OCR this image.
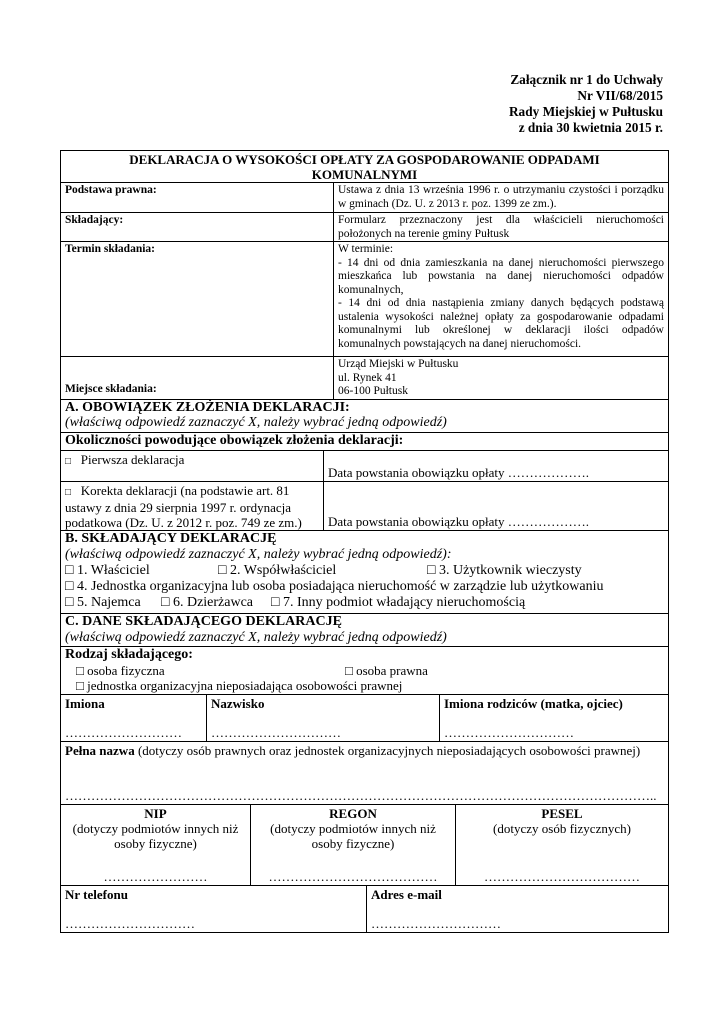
Załącznik nr 1 do Uchwały
Nr VII/68/2015
Rady Miejskiej w Pułtusku
z dnia 30 kwietnia 2015 r.
DEKLARACJA O WYSOKOŚCI OPŁATY ZA GOSPODAROWANIE ODPADAMI
KOMUNALNYMI
Podstawa prawna:	Ustawa z dnia 13 września 1996 r. o utrzymaniu czystości i porządku w gminach (Dz. U. z 2013 r. poz. 1399 ze zm.).
Składający:	Formularz przeznaczony jest dla właścicieli nieruchomości położonych na terenie gminy Pułtusk
Termin składania:	W terminie:
- 14 dni od dnia zamieszkania na danej nieruchomości pierwszego mieszkańca lub powstania na danej nieruchomości odpadów komunalnych,
- 14 dni od dnia nastąpienia zmiany danych będących podstawą ustalenia wysokości należnej opłaty za gospodarowanie odpadami komunalnymi lub określonej w deklaracji ilości odpadów komunalnych powstających na danej nieruchomości.
Miejsce składania:
Urząd Miejski w Pułtusku
ul. Rynek 41
06-100 Pułtusk
A. OBOWIĄZEK ZŁOŻENIA DEKLARACJI:
(właściwą odpowiedź zaznaczyć X, należy wybrać jedną odpowiedź)
Okoliczności powodujące obowiązek złożenia deklaracji:
□ Pierwsza deklaracja
Data powstania obowiązku opłaty ……………….
□ Korekta deklaracji (na podstawie art. 81 ustawy z dnia 29 sierpnia 1997 r. ordynacja podatkowa (Dz. U. z 2012 r. poz. 749 ze zm.)	Data powstania obowiązku opłaty ……………….
B. SKŁADAJĄCY DEKLARACJĘ
(właściwą odpowiedź zaznaczyć X, należy wybrać jedną odpowiedź):
□ 1. Właściciel	□ 2. Współwłaściciel	□ 3. Użytkownik wieczysty
□ 4. Jednostka organizacyjna lub osoba posiadająca nieruchomość w zarządzie lub użytkowaniu
□ 5. Najemca □ 6. Dzierżawca □ 7. Inny podmiot władający nieruchomością
C. DANE SKŁADAJĄCEGO DEKLARACJĘ
(właściwą odpowiedź zaznaczyć X, należy wybrać jedną odpowiedź)
Rodzaj składającego:
□ osoba fizyczna	□ osoba prawna
□ jednostka organizacyjna nieposiadająca osobowości prawnej
Imiona
………………………
Nazwisko
…………………………
Imiona rodziców (matka, ojciec)
…………………………
Pełna nazwa (dotyczy osób prawnych oraz jednostek organizacyjnych nieposiadających osobowości prawnej)
………………………………………………………………………………………………………………………..
NIP
(dotyczy podmiotów innych niż osoby fizyczne)
……………………
REGON
(dotyczy podmiotów innych niż osoby fizyczne)
…………………………………
PESEL
(dotyczy osób fizycznych)
………………………………
Nr telefonu
…………………………
Adres e-mail
…………………………
